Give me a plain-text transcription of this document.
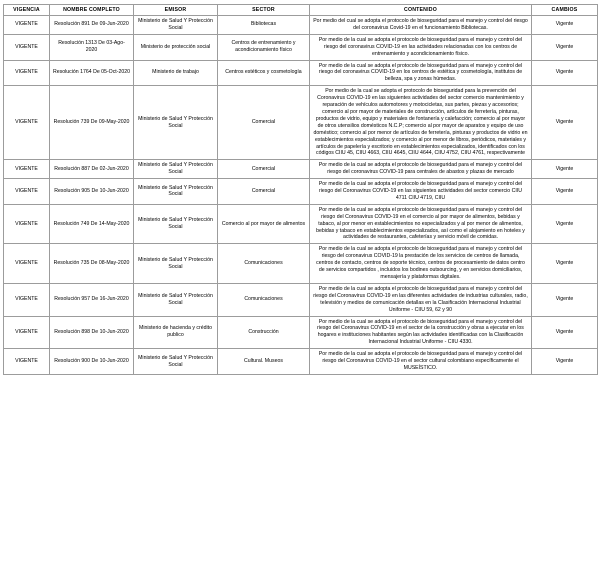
VIGENCIA	NOMBRE COMPLETO	EMISOR	SECTOR	CONTENIDO	CAMBIOS
VIGENTE	Resolución 891 De 09-Jun-2020	Ministerio de Salud Y Protección Social	Bibliotecas	Por medio del cual se adopta el protocolo de bioseguridad para el manejo y control del riesgo del coronavirus Covid-19 en el funcionamiento Bibliotecas.	Vigente
VIGENTE	Resolución 1313 De 03-Ago-2020	Ministerio de protección social	Centros de entrenamiento y acondicionamiento físico	Por medio de la cual se adopta el protocolo de bioseguridad para el manejo y control del riesgo del coronavirus COVID-19 en las actividades relacionadas con los centros de entrenamiento y acondicionamiento físico.	Vigente
VIGENTE	Resolución 1764 De 05-Oct-2020	Ministerio de trabajo	Centros estéticos y cosmetología	Por medio de la cual se adopta el protocolo de bioseguridad para el manejo y control del riesgo del coronavirus COVID-19 en los centros de estética y cosmetología, institutos de belleza, spa y zonas húmedas.	Vigente
VIGENTE	Resolución 739 De 09-May-2020	Ministerio de Salud Y Protección Social	Comercial	Por medio de la cual se adopta el protocolo de bioseguridad para la prevención del Coronavirus COVID-19 en las siguientes actividades del sector comercio mantenimiento y reparación de vehículos automotores y motocicletas, sus partes, piezas y accesorios; comercio al por mayor de materiales de construcción, artículos de ferretería, pinturas, productos de vidrio, equipo y materiales de fontanería y calefacción; comercio al por mayor de otros utensilios domésticos N.C.P; comercio al por mayor de aparatos y equipo de uso doméstico; comercio al por menor de artículos de ferretería, pinturas y productos de vidrio en establecimientos especializados; y comercio al por menor de libros, periódicos, materiales y artículos de papelería y escritorio en establecimientos especializados, identificados con los códigos CIIU 45, CIIU 4663, CIIU 4645, CIIU 4644, CIIU 4752, CIIU 4761, respectivamente	Vigente
VIGENTE	Resolución 887 De 02-Jun-2020	Ministerio de Salud Y Protección Social	Comercial	Por medio de la cual se adopta el protocolo de bioseguridad para el manejo y control del riesgo del coronavirus COVID-19 para centrales de abastos y plazas de mercado	Vigente
VIGENTE	Resolución 905 De 10-Jun-2020	Ministerio de Salud Y Protección Social	Comercial	Por medio de la cual se adopta el protocolo de bioseguridad para el manejo y control del riesgo del Coronavirus COVID-19 en las siguientes actividades del sector comercio CIIU 4711 CIIU 4719, CIIU	Vigente
VIGENTE	Resolución 749 De 14-May-2020	Ministerio de Salud Y Protección Social	Comercio al por mayor de alimentos	Por medio de la cual se adopta el protocolo de bioseguridad para el manejo y control del riesgo del Coronavirus COVID-19 en el comercio al por mayor de alimentos, bebidas y tabaco, al por menor en establecimientos no especializados y al por menor de alimentos, bebidas y tabaco en establecimientos especializados, así como el alojamiento en hoteles y actividades de restaurantes, cafeterías y servicio móvil de comidas.	Vigente
VIGENTE	Resolución 735 De 08-May-2020	Ministerio de Salud Y Protección Social	Comunicaciones	Por medio de la cual se adopta el protocolo de bioseguridad para el manejo y control del riesgo del coronavirus COVID-19 la prestación de los servicios de centros de llamada, centros de contacto, centros de soporte técnico, centros de procesamiento de datos centro de servicios compartidos , incluidos los bodines outsourcing, y en servicios domiciliarios, mensajería y plataformas digitales.	Vigente
VIGENTE	Resolución 957 De 16-Jun-2020	Ministerio de Salud Y Protección Social	Comunicaciones	Por medio de la cual se adopta el protocolo de bioseguridad para el manejo y control del riesgo del Coronavirus COVID-19 en las diferentes actividades de industrias culturales, radio, televisión y medios de comunicación detallas en la Clasificación Internacional Industrial Uniforme - CIIU 59, 62 y 90	Vigente
VIGENTE	Resolución 898 De 10-Jun-2020	Ministerio de hacienda y crédito publico	Construcción	Por medio de la cual se adopta el protocolo de bioseguridad para el manejo y control del riesgo del Coronavirus COVID-19 en el sector de la construcción y obras a ejecutar en los hogares e instituciones habitantes según las actividades identificadas con la Clasificación Internacional Industrial Uniforme - CIIU 4330.	Vigente
VIGENTE	Resolución 900 De 10-Jun-2020	Ministerio de Salud Y Protección Social	Cultural. Museos	Por medio de la cual se adopta el protocolo de bioseguridad para el manejo y control del riesgo del Coronavirus COVID-19 en el sector cultural colombiano específicamente el MUSEÍSTICO.	Vigente
